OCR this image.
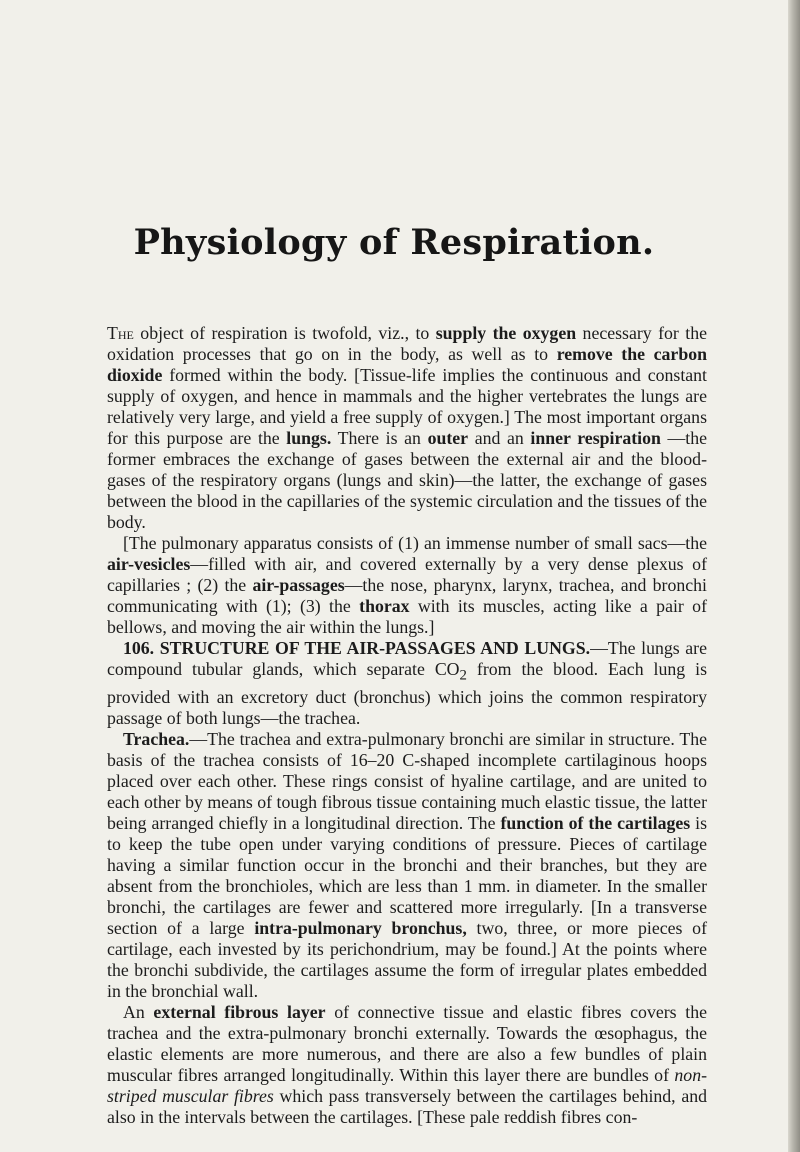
Physiology of Respiration.

The object of respiration is twofold, viz., to supply the oxygen necessary for the oxidation processes that go on in the body, as well as to remove the carbon dioxide formed within the body. [Tissue-life implies the continuous and constant supply of oxygen, and hence in mammals and the higher vertebrates the lungs are relatively very large, and yield a free supply of oxygen.] The most important organs for this purpose are the lungs. There is an outer and an inner respiration —the former embraces the exchange of gases between the external air and the blood-gases of the respiratory organs (lungs and skin)—the latter, the exchange of gases between the blood in the capillaries of the systemic circulation and the tissues of the body.

[The pulmonary apparatus consists of (1) an immense number of small sacs—the air-vesicles—filled with air, and covered externally by a very dense plexus of capillaries ; (2) the air-passages—the nose, pharynx, larynx, trachea, and bronchi communicating with (1); (3) the thorax with its muscles, acting like a pair of bellows, and moving the air within the lungs.]

106. STRUCTURE OF THE AIR-PASSAGES AND LUNGS.—The lungs are compound tubular glands, which separate $CO_2$ from the blood. Each lung is provided with an excretory duct (bronchus) which joins the common respiratory passage of both lungs—the trachea.

Trachea.—The trachea and extra-pulmonary bronchi are similar in structure. The basis of the trachea consists of 16–20 C-shaped incomplete cartilaginous hoops placed over each other. These rings consist of hyaline cartilage, and are united to each other by means of tough fibrous tissue containing much elastic tissue, the latter being arranged chiefly in a longitudinal direction. The function of the cartilages is to keep the tube open under varying conditions of pressure. Pieces of cartilage having a similar function occur in the bronchi and their branches, but they are absent from the bronchioles, which are less than 1 mm. in diameter. In the smaller bronchi, the cartilages are fewer and scattered more irregularly. [In a transverse section of a large intra-pulmonary bronchus, two, three, or more pieces of cartilage, each invested by its perichondrium, may be found.] At the points where the bronchi subdivide, the cartilages assume the form of irregular plates embedded in the bronchial wall.

An external fibrous layer of connective tissue and elastic fibres covers the trachea and the extra-pulmonary bronchi externally. Towards the œsophagus, the elastic elements are more numerous, and there are also a few bundles of plain muscular fibres arranged longitudinally. Within this layer there are bundles of non-striped muscular fibres which pass transversely between the cartilages behind, and also in the intervals between the cartilages. [These pale reddish fibres con-
